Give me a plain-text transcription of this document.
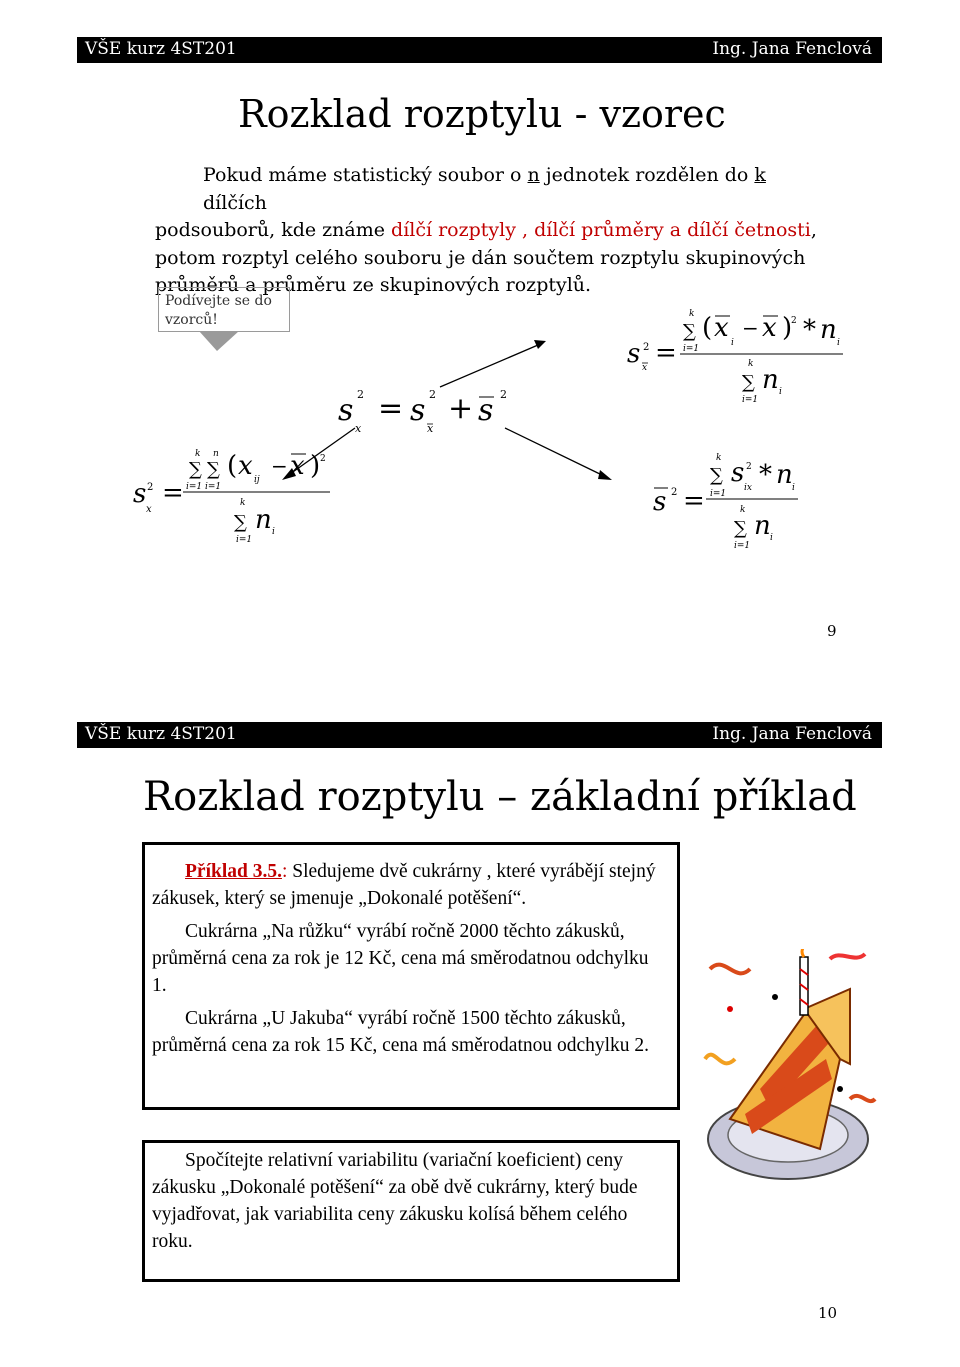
VŠE kurz 4ST201	Ing. Jana Fenclová
Rozklad rozptylu - vzorec
Pokud máme statistický soubor o n jednotek rozdělen do k dílčích
podsouborů, kde známe dílčí rozptyly , dílčí průměry a dílčí četnosti,
potom rozptyl celého souboru je dán součtem rozptylu skupinových
průměrů a průměru ze skupinových rozptylů.
Podívejte se do vzorců!
s 2
x
= s 2
x
+ s 2
s 2
x
=
k n
∑ ∑
i=1 i=1
( x ij
− x ) 2
k
∑ n i
i=1
s 2
x =
k
∑
i=1
( x i
− x )
2 * n i
k
∑ n i
i=1
s 2 =
k
∑
i=1
s 2
ix * n i
k
∑ n i
i=1
9
VŠE kurz 4ST201	Ing. Jana Fenclová
Rozklad rozptylu – základní příklad

Příklad 3.5.: Sledujeme dvě cukrárny , které vyrábějí stejný zákusek, který se jmenuje „Dokonalé potěšení“.

Cukrárna „Na růžku“ vyrábí ročně 2000 těchto zákusků, průměrná cena za rok je 12 Kč, cena má směrodatnou odchylku 1.

Cukrárna „U Jakuba“ vyrábí ročně 1500 těchto zákusků, průměrná cena za rok 15 Kč, cena má směrodatnou odchylku 2.

Spočítejte relativní variabilitu (variační koeficient) ceny zákusku „Dokonalé potěšení“ za obě dvě cukrárny, který bude vyjadřovat, jak variabilita ceny zákusku kolísá během celého roku.

10
